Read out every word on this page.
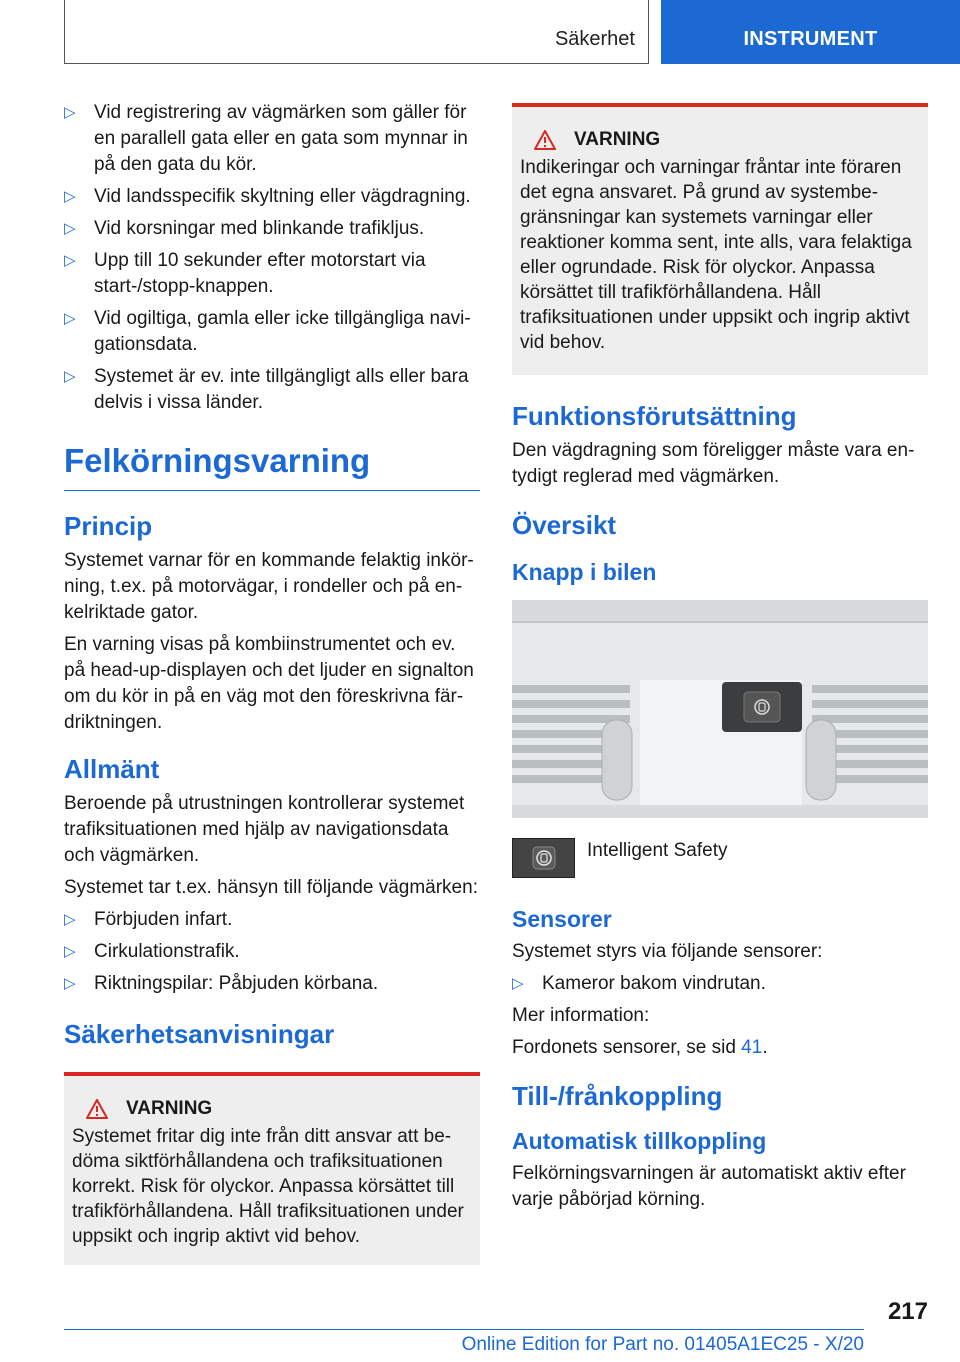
Säkerhet	INSTRUMENT
▷ Vid registrering av vägmärken som gäller för en parallell gata eller en gata som mynnar in på den gata du kör.
▷ Vid landsspecifik skyltning eller vägdragning.
▷ Vid korsningar med blinkande trafikljus.
▷ Upp till 10 sekunder efter motorstart via start-/stopp-knappen.
▷ Vid ogiltiga, gamla eller icke tillgängliga navigationsdata.
▷ Systemet är ev. inte tillgängligt alls eller bara delvis i vissa länder.
Felkörningsvarning
Princip

Systemet varnar för en kommande felaktig inkörning, t.ex. på motorvägar, i rondeller och på enkelriktade gator.

En varning visas på kombiinstrumentet och ev. på head-up-displayen och det ljuder en signalton om du kör in på en väg mot den föreskrivna färdriktningen.

Allmänt

Beroende på utrustningen kontrollerar systemet trafiksituationen med hjälp av navigationsdata och vägmärken.

Systemet tar t.ex. hänsyn till följande vägmärken:

▷ Förbjuden infart.
▷ Cirkulationstrafik.
▷ Riktningspilar: Påbjuden körbana.
Säkerhetsanvisningar
VARNING

Systemet fritar dig inte från ditt ansvar att bedöma siktförhållandena och trafiksituationen korrekt. Risk för olyckor. Anpassa körsättet till trafikförhållandena. Håll trafiksituationen under uppsikt och ingrip aktivt vid behov.

VARNING

Indikeringar och varningar fråntar inte föraren det egna ansvaret. På grund av systembegränsningar kan systemets varningar eller reaktioner komma sent, inte alls, vara felaktiga eller ogrundade. Risk för olyckor. Anpassa körsättet till trafikförhållandena. Håll trafiksituationen under uppsikt och ingrip aktivt vid behov.

Funktionsförutsättning

Den vägdragning som föreligger måste vara entydigt reglerad med vägmärken.

Översikt
Knapp i bilen
Intelligent Safety
Sensorer

Systemet styrs via följande sensorer:

▷ Kameror bakom vindrutan.

Mer information:

Fordonets sensorer, se sid 41.

Till-/frånkoppling
Automatisk tillkoppling

Felkörningsvarningen är automatiskt aktiv efter varje påbörjad körning.

217
Online Edition for Part no. 01405A1EC25 - X/20
